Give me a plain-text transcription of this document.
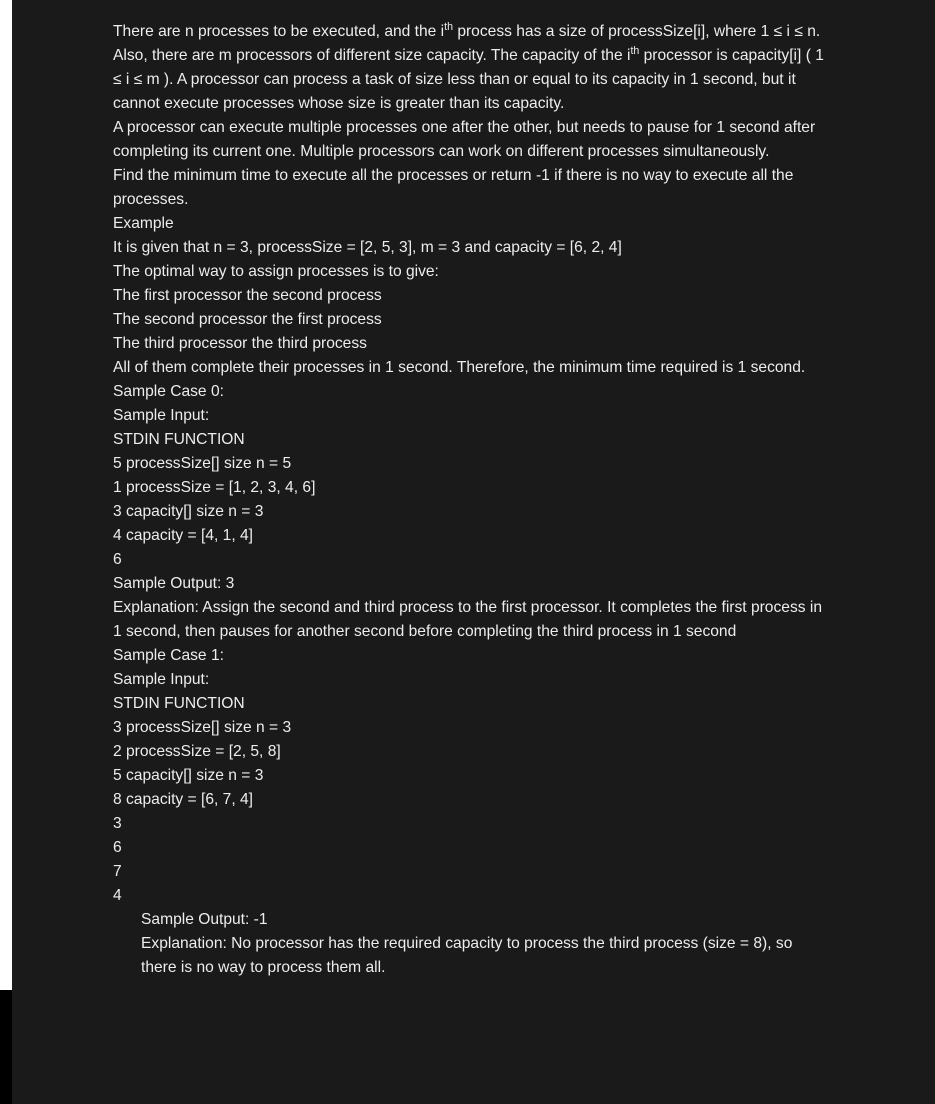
There are n processes to be executed, and the $i^{th}$ process has a size of processSize[i], where 1 ≤ i ≤ n. Also, there are m processors of different size capacity. The capacity of the $i^{th}$ processor is capacity[i] ( 1 ≤ i ≤ m ). A processor can process a task of size less than or equal to its capacity in 1 second, but it cannot execute processes whose size is greater than its capacity.

A processor can execute multiple processes one after the other, but needs to pause for 1 second after completing its current one. Multiple processors can work on different processes simultaneously.

Find the minimum time to execute all the processes or return -1 if there is no way to execute all the processes.

Example

It is given that n = 3, processSize = [2, 5, 3], m = 3 and capacity = [6, 2, 4]

The optimal way to assign processes is to give:

The first processor the second process

The second processor the first process

The third processor the third process

All of them complete their processes in 1 second. Therefore, the minimum time required is 1 second.

Sample Case 0:

Sample Input:

STDIN FUNCTION

5 processSize[] size n = 5

1 processSize = [1, 2, 3, 4, 6]

3 capacity[] size n = 3

4 capacity = [4, 1, 4]

6

Sample Output: 3

Explanation: Assign the second and third process to the first processor. It completes the first process in 1 second, then pauses for another second before completing the third process in 1 second

Sample Case 1:

Sample Input:

STDIN FUNCTION

3 processSize[] size n = 3

2 processSize = [2, 5, 8]

5 capacity[] size n = 3

8 capacity = [6, 7, 4]

3

6

7

4

Sample Output: -1

Explanation: No processor has the required capacity to process the third process (size = 8), so there is no way to process them all.
